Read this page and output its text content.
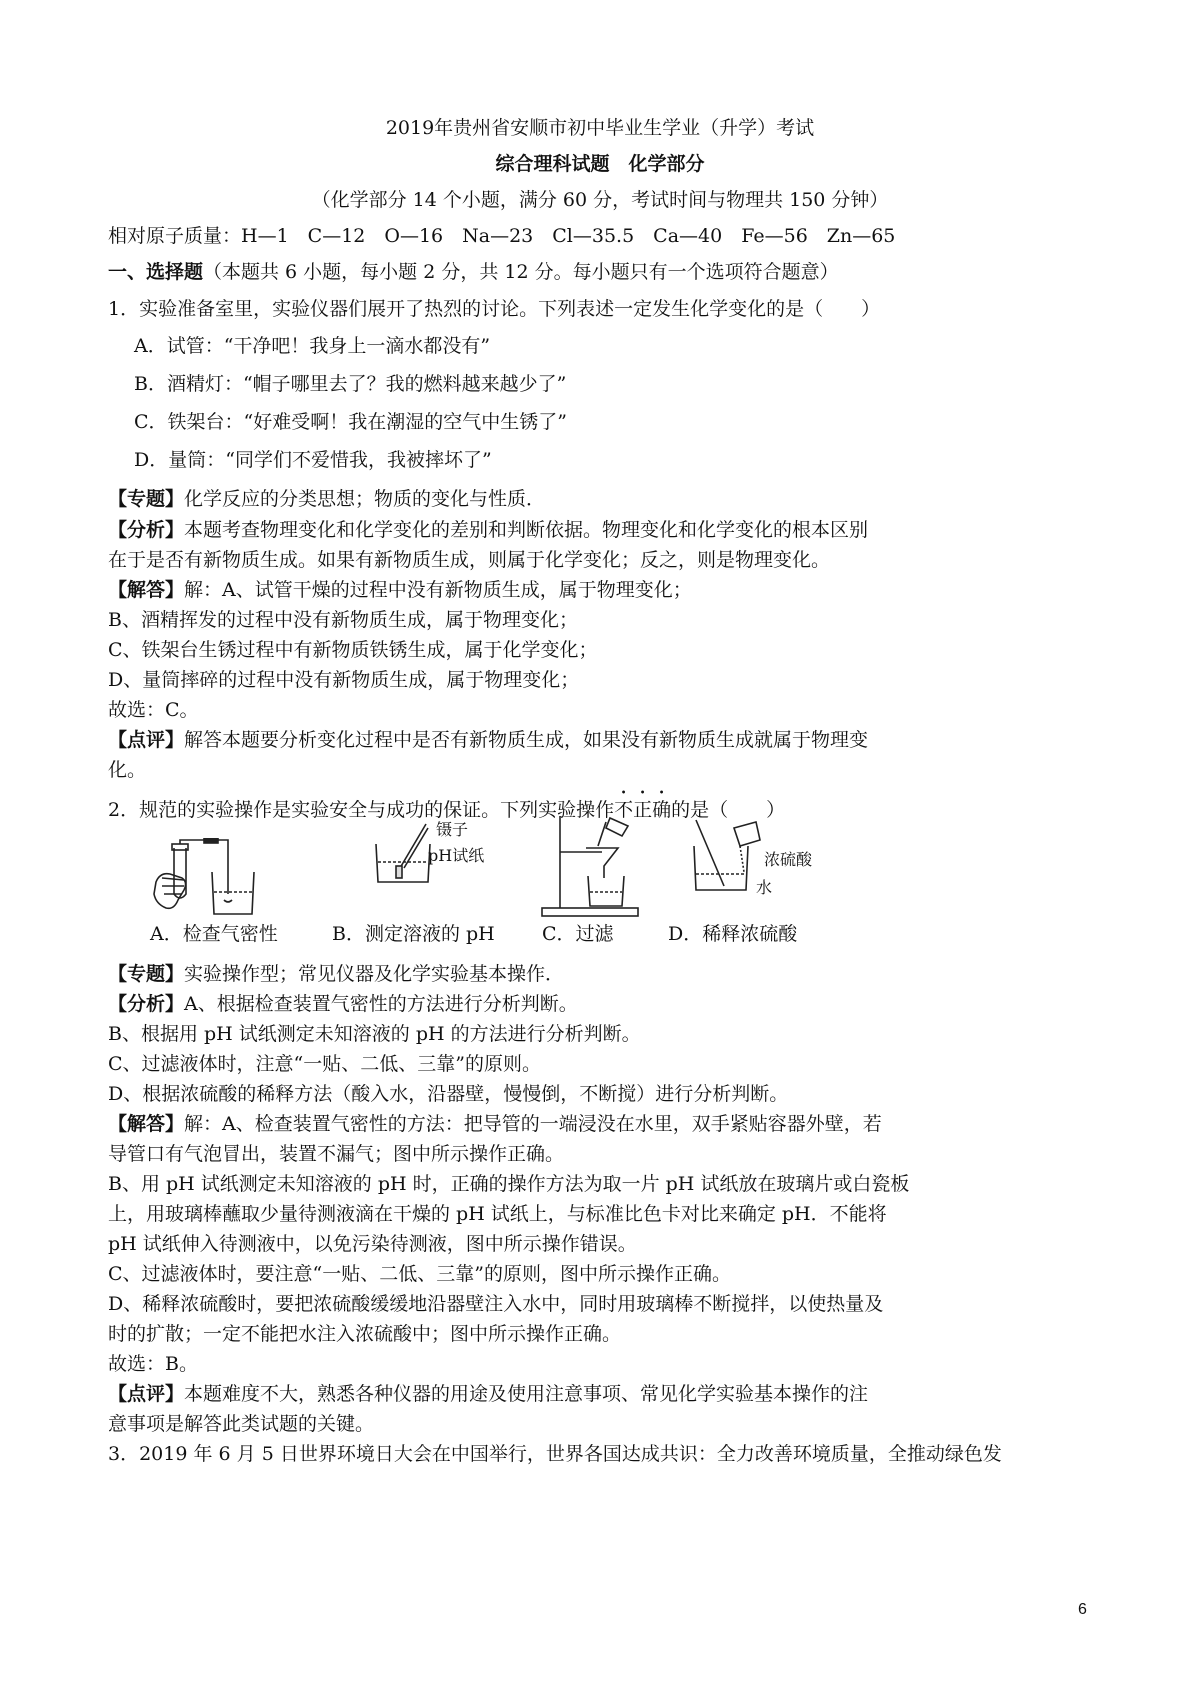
2019年贵州省安顺市初中毕业生学业（升学）考试
综合理科试题　化学部分
（化学部分 14 个小题，满分 60 分，考试时间与物理共 150 分钟）
相对原子质量：H—1　C—12　O—16　Na—23　Cl—35.5　Ca—40　Fe—56　Zn—65
一、选择题（本题共 6 小题，每小题 2 分，共 12 分。每小题只有一个选项符合题意）
1．实验准备室里，实验仪器们展开了热烈的讨论。下列表述一定发生化学变化的是（　　）
A．试管：“干净吧！我身上一滴水都没有”
B．酒精灯：“帽子哪里去了？我的燃料越来越少了”
C．铁架台：“好难受啊！我在潮湿的空气中生锈了”
D．量筒：“同学们不爱惜我，我被摔坏了”
【专题】化学反应的分类思想；物质的变化与性质．
【分析】本题考查物理变化和化学变化的差别和判断依据。物理变化和化学变化的根本区别
在于是否有新物质生成。如果有新物质生成，则属于化学变化；反之，则是物理变化。
【解答】解：A、试管干燥的过程中没有新物质生成，属于物理变化；
B、酒精挥发的过程中没有新物质生成，属于物理变化；
C、铁架台生锈过程中有新物质铁锈生成，属于化学变化；
D、量筒摔碎的过程中没有新物质生成，属于物理变化；
故选：C。
【点评】解答本题要分析变化过程中是否有新物质生成，如果没有新物质生成就属于物理变
化。
2．规范的实验操作是实验安全与成功的保证。下列实验操作不正确的是（　　）
A．检查气密性
镊子
pH试纸
B．测定溶液的 pH C．过滤
浓硫酸
水
D．稀释浓硫酸
【专题】实验操作型；常见仪器及化学实验基本操作．
【分析】A、根据检查装置气密性的方法进行分析判断。
B、根据用 pH 试纸测定未知溶液的 pH 的方法进行分析判断。
C、过滤液体时，注意“一贴、二低、三靠”的原则。
D、根据浓硫酸的稀释方法（酸入水，沿器壁，慢慢倒，不断搅）进行分析判断。
【解答】解：A、检查装置气密性的方法：把导管的一端浸没在水里，双手紧贴容器外壁，若
导管口有气泡冒出，装置不漏气；图中所示操作正确。
B、用 pH 试纸测定未知溶液的 pH 时，正确的操作方法为取一片 pH 试纸放在玻璃片或白瓷板
上，用玻璃棒蘸取少量待测液滴在干燥的 pH 试纸上，与标准比色卡对比来确定 pH．不能将
pH 试纸伸入待测液中，以免污染待测液，图中所示操作错误。
C、过滤液体时，要注意“一贴、二低、三靠”的原则，图中所示操作正确。
D、稀释浓硫酸时，要把浓硫酸缓缓地沿器壁注入水中，同时用玻璃棒不断搅拌，以使热量及
时的扩散；一定不能把水注入浓硫酸中；图中所示操作正确。
故选：B。
【点评】本题难度不大，熟悉各种仪器的用途及使用注意事项、常见化学实验基本操作的注
意事项是解答此类试题的关键。
3．2019 年 6 月 5 日世界环境日大会在中国举行，世界各国达成共识：全力改善环境质量，全推动绿色发
6
